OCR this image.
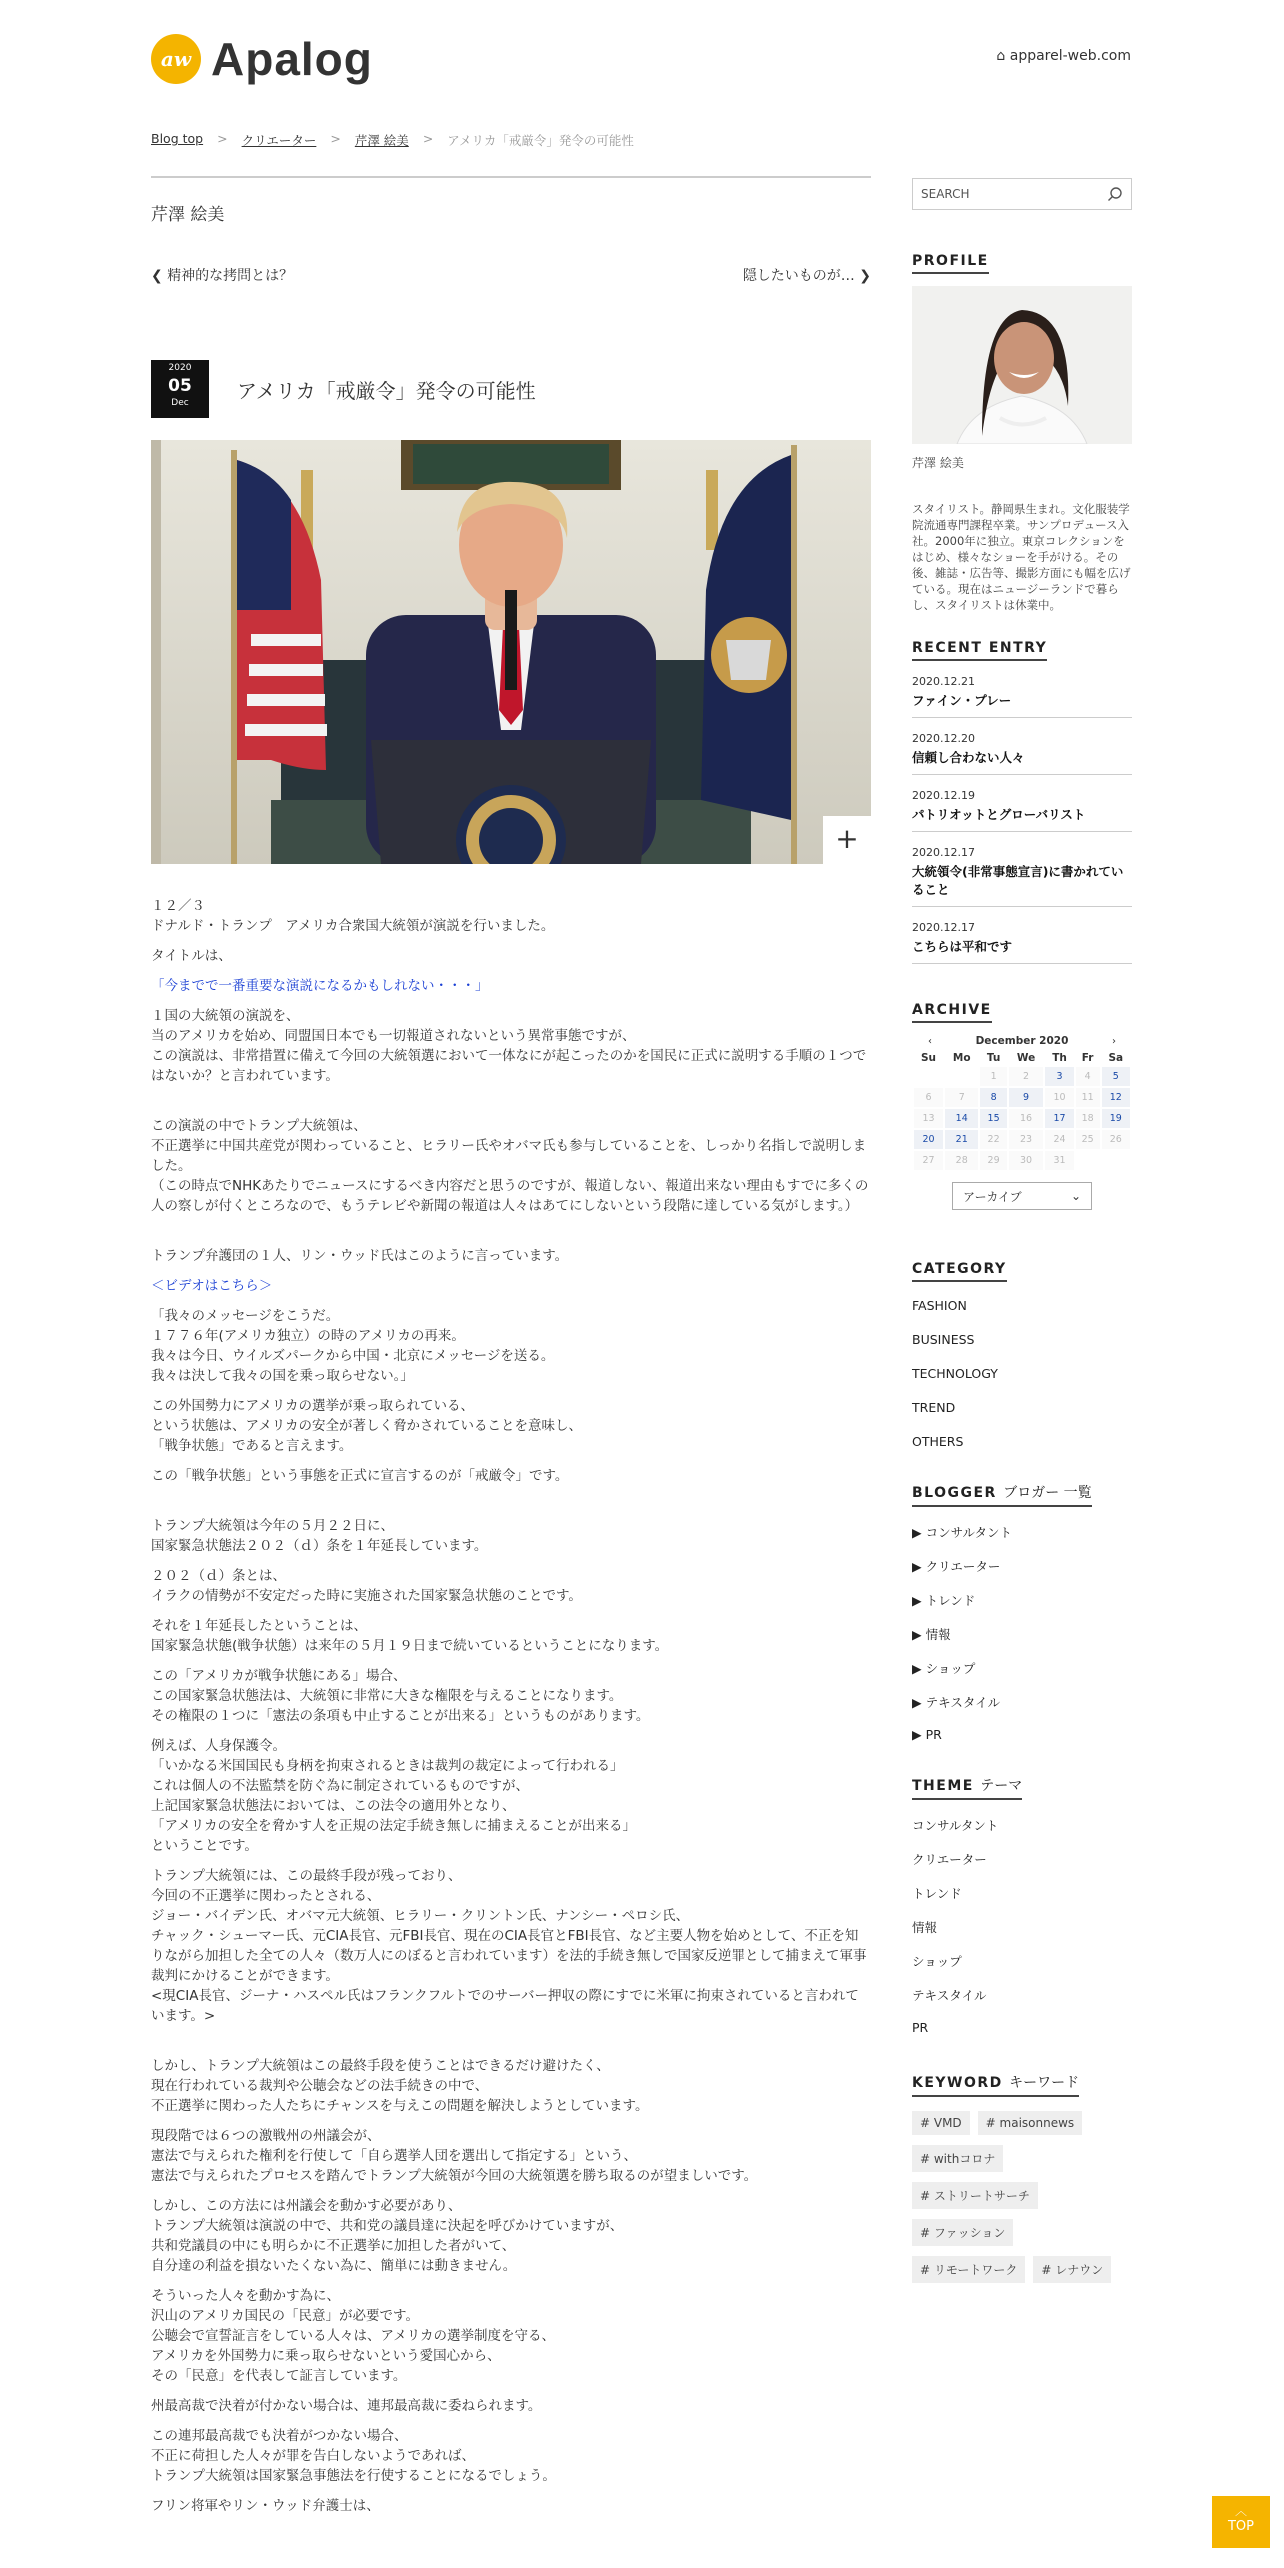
aw Apalog	⌂ apparel-web.com
Blog top > クリエーター > 芹澤 絵美 > アメリカ「戒厳令」発令の可能性
芹澤 絵美
❮ 精神的な拷問とは？	隠したいものが… ❯
2020
05
Dec
アメリカ「戒厳令」発令の可能性
+

１２／３
ドナルド・トランプ　アメリカ合衆国大統領が演説を行いました。

タイトルは、

「今までで一番重要な演説になるかもしれない・・・」

１国の大統領の演説を、
当のアメリカを始め、同盟国日本でも一切報道されないという異常事態ですが、
この演説は、非常措置に備えて今回の大統領選において一体なにが起こったのかを国民に正式に説明する手順の１つではないか？と言われています。

この演説の中でトランプ大統領は、
不正選挙に中国共産党が関わっていること、ヒラリー氏やオバマ氏も参与していることを、しっかり名指しで説明しました。
（この時点でNHKあたりでニュースにするべき内容だと思うのですが、報道しない、報道出来ない理由もすでに多くの人の察しが付くところなので、もうテレビや新聞の報道は人々はあてにしないという段階に達している気がします。）

トランプ弁護団の１人、リン・ウッド氏はこのように言っています。

＜ビデオはこちら＞

「我々のメッセージをこうだ。
１７７６年(アメリカ独立）の時のアメリカの再来。
我々は今日、ウイルズパークから中国・北京にメッセージを送る。
我々は決して我々の国を乗っ取らせない。」

この外国勢力にアメリカの選挙が乗っ取られている、
という状態は、アメリカの安全が著しく脅かされていることを意味し、
「戦争状態」であると言えます。

この「戦争状態」という事態を正式に宣言するのが「戒厳令」です。

トランプ大統領は今年の５月２２日に、
国家緊急状態法２０２（ｄ）条を１年延長しています。

２０２（ｄ）条とは、
イラクの情勢が不安定だった時に実施された国家緊急状態のことです。

それを１年延長したということは、
国家緊急状態(戦争状態）は来年の５月１９日まで続いているということになります。

この「アメリカが戦争状態にある」場合、
この国家緊急状態法は、大統領に非常に大きな権限を与えることになります。
その権限の１つに「憲法の条項も中止することが出来る」というものがあります。

例えば、人身保護令。
「いかなる米国国民も身柄を拘束されるときは裁判の裁定によって行われる」
これは個人の不法監禁を防ぐ為に制定されているものですが、
上記国家緊急状態法においては、この法令の適用外となり、
「アメリカの安全を脅かす人を正規の法定手続き無しに捕まえることが出来る」
ということです。

トランプ大統領には、この最終手段が残っており、
今回の不正選挙に関わったとされる、
ジョー・バイデン氏、オバマ元大統領、ヒラリー・クリントン氏、ナンシー・ペロシ氏、
チャック・シューマー氏、元CIA長官、元FBI長官、現在のCIA長官とFBI長官、など主要人物を始めとして、不正を知りながら加担した全ての人々（数万人にのぼると言われています）を法的手続き無しで国家反逆罪として捕まえて軍事裁判にかけることができます。
<現CIA長官、ジーナ・ハスペル氏はフランクフルトでのサーバー押収の際にすでに米軍に拘束されていると言われています。>

しかし、トランプ大統領はこの最終手段を使うことはできるだけ避けたく、
現在行われている裁判や公聴会などの法手続きの中で、
不正選挙に関わった人たちにチャンスを与えこの問題を解決しようとしています。

現段階では６つの激戦州の州議会が、
憲法で与えられた権利を行使して「自ら選挙人団を選出して指定する」という、
憲法で与えられたプロセスを踏んでトランプ大統領が今回の大統領選を勝ち取るのが望ましいです。

しかし、この方法には州議会を動かす必要があり、
トランプ大統領は演説の中で、共和党の議員達に決起を呼びかけていますが、
共和党議員の中にも明らかに不正選挙に加担した者がいて、
自分達の利益を損ないたくない為に、簡単には動きません。

そういった人々を動かす為に、
沢山のアメリカ国民の「民意」が必要です。
公聴会で宣誓証言をしている人々は、アメリカの選挙制度を守る、
アメリカを外国勢力に乗っ取らせないという愛国心から、
その「民意」を代表して証言しています。

州最高裁で決着が付かない場合は、連邦最高裁に委ねられます。

この連邦最高裁でも決着がつかない場合、
不正に荷担した人々が罪を告白しないようであれば、
トランプ大統領は国家緊急事態法を行使することになるでしょう。

フリン将軍やリン・ウッド弁護士は、

SEARCH
PROFILE
芹澤 絵美
スタイリスト。静岡県生まれ。文化服装学院流通専門課程卒業。サンプロデュース入社。2000年に独立。東京コレクションをはじめ、様々なショーを手がける。その後、雑誌・広告等、撮影方面にも幅を広げている。現在はニュージーランドで暮らし、スタイリストは休業中。
RECENT ENTRY
2020.12.21
ファイン・プレー
2020.12.20
信頼し合わない人々
2020.12.19
パトリオットとグローバリスト
2020.12.17
大統領令(非常事態宣言)に書かれていること
2020.12.17
こちらは平和です
ARCHIVE
‹	December 2020	›
Su	Mo	Tu	We	Th	Fr	Sa
		1	2	3	4	5
6	7	8	9	10	11	12
13	14	15	16	17	18	19
20	21	22	23	24	25	26
27	28	29	30	31		
アーカイブ	⌄
CATEGORY
FASHION
BUSINESS
TECHNOLOGY
TREND
OTHERS
BLOGGER ブロガー 一覧
▶ コンサルタント
▶ クリエーター
▶ トレンド
▶ 情報
▶ ショップ
▶ テキスタイル
▶ PR
THEME テーマ
コンサルタント
クリエーター
トレンド
情報
ショップ
テキスタイル
PR
KEYWORD キーワード
# VMD	# maisonnews
# withコロナ
# ストリートサーチ
# ファッション
# リモートワーク	# レナウン
︿
TOP
